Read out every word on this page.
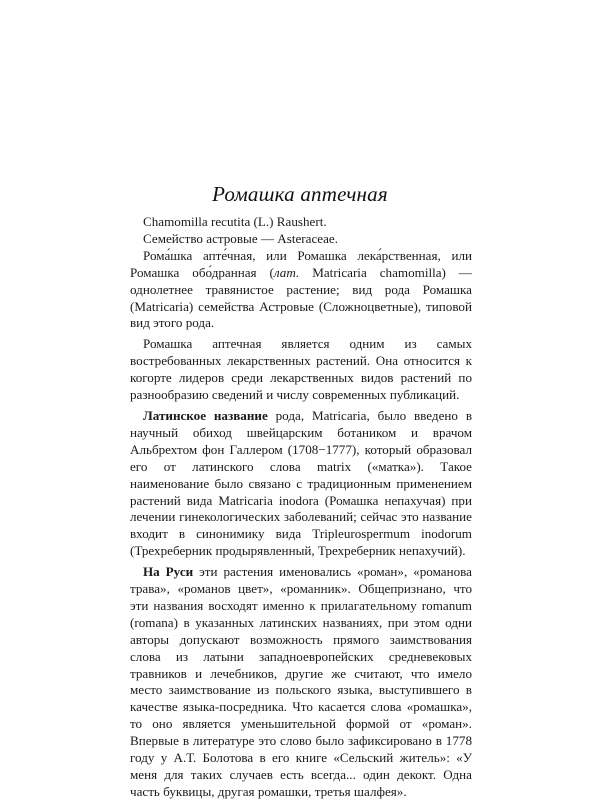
Ромашка аптечная

Chamomilla recutita (L.) Raushert.

Семейство астровые — Asteraceae.

Рома́шка апте́чная, или Ромашка лека́рственная, или Ромашка обо́дранная (лат. Matricaria chamomilla) — однолетнее травянистое растение; вид рода Ромашка (Matricaria) семейства Астровые (Сложноцветные), типовой вид этого рода.

Ромашка аптечная является одним из самых востребованных лекарственных растений. Она относится к когорте лидеров среди лекарственных видов растений по разнообразию сведений и числу современных публикаций.

Латинское название рода, Matricaria, было введено в научный обиход швейцарским ботаником и врачом Альбрехтом фон Галлером (1708−1777), который образовал его от латинского слова matrix («матка»). Такое наименование было связано с традиционным применением растений вида Matricaria inodora (Ромашка непахучая) при лечении гинекологических заболеваний; сейчас это название входит в синонимику вида Tripleurospermum inodorum (Трехреберник продырявленный, Трехреберник непахучий).

На Руси эти растения именовались «роман», «романова трава», «романов цвет», «романник». Общепризнано, что эти названия восходят именно к прилагательному romanum (romana) в указанных латинских названиях, при этом одни авторы допускают возможность прямого заимствования слова из латыни западноевропейских средневековых травников и лечебников, другие же считают, что имело место заимствование из польского языка, выступившего в качестве языка-посредника. Что касается слова «ромашка», то оно является уменьшительной формой от «роман». Впервые в литературе это слово было зафиксировано в 1778 году у А.Т. Болотова в его книге «Сельский житель»: «У меня для таких случаев есть всегда... один декокт. Одна часть буквицы, другая ромашки, третья шалфея».
